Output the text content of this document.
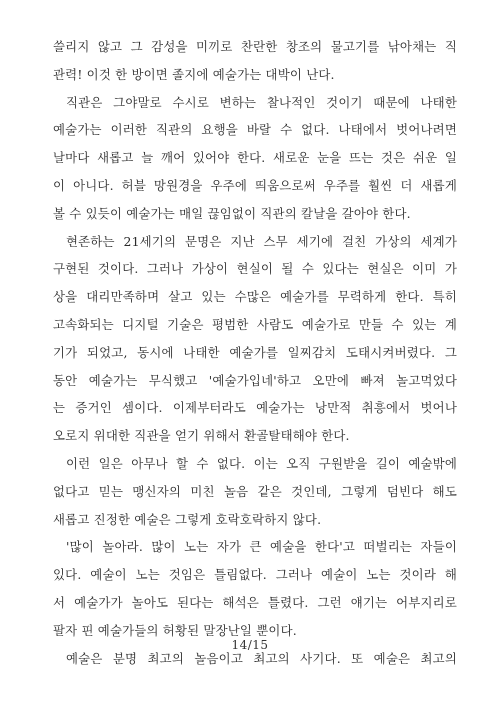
쓸리지 않고 그 감성을 미끼로 찬란한 창조의 물고기를 낚아채는 직
관력! 이것 한 방이면 졸지에 예술가는 대박이 난다.
직관은 그야말로 수시로 변하는 찰나적인 것이기 때문에 나태한
예술가는 이러한 직관의 요행을 바랄 수 없다. 나태에서 벗어나려면
날마다 새롭고 늘 깨어 있어야 한다. 새로운 눈을 뜨는 것은 쉬운 일
이 아니다. 허블 망원경을 우주에 띄움으로써 우주를 훨씬 더 새롭게
볼 수 있듯이 예술가는 매일 끊임없이 직관의 칼날을 갈아야 한다.
현존하는 21세기의 문명은 지난 스무 세기에 걸친 가상의 세계가
구현된 것이다. 그러나 가상이 현실이 될 수 있다는 현실은 이미 가
상을 대리만족하며 살고 있는 수많은 예술가를 무력하게 한다. 특히
고속화되는 디지털 기술은 평범한 사람도 예술가로 만들 수 있는 계
기가 되었고, 동시에 나태한 예술가를 일찌감치 도태시켜버렸다. 그
동안 예술가는 무식했고 '예술가입네'하고 오만에 빠져 놀고먹었다
는 증거인 셈이다. 이제부터라도 예술가는 낭만적 취흥에서 벗어나
오로지 위대한 직관을 얻기 위해서 환골탈태해야 한다.
이런 일은 아무나 할 수 없다. 이는 오직 구원받을 길이 예술밖에
없다고 믿는 맹신자의 미친 놀음 같은 것인데, 그렇게 덤빈다 해도
새롭고 진정한 예술은 그렇게 호락호락하지 않다.
'많이 놀아라. 많이 노는 자가 큰 예술을 한다'고 떠벌리는 자들이
있다. 예술이 노는 것임은 틀림없다. 그러나 예술이 노는 것이라 해
서 예술가가 놀아도 된다는 해석은 틀렸다. 그런 얘기는 어부지리로
팔자 핀 예술가들의 허황된 말장난일 뿐이다.
예술은 분명 최고의 놀음이고 최고의 사기다. 또 예술은 최고의
14/15
